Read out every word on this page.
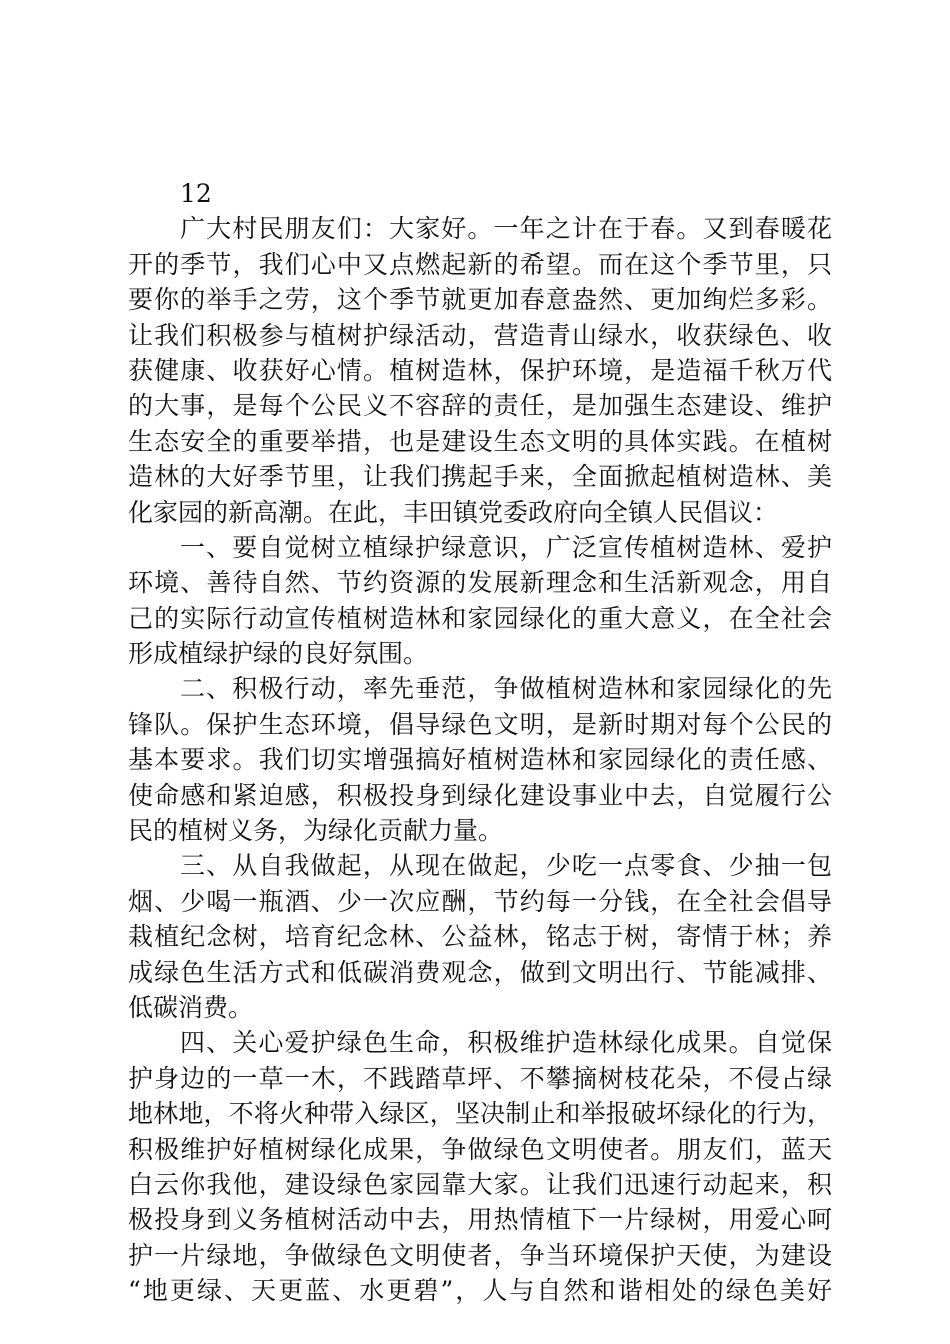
12
广大村民朋友们：大家好。一年之计在于春。又到春暖花
开的季节，我们心中又点燃起新的希望。而在这个季节里，只
要你的举手之劳，这个季节就更加春意盎然、更加绚烂多彩。
让我们积极参与植树护绿活动，营造青山绿水，收获绿色、收
获健康、收获好心情。植树造林，保护环境，是造福千秋万代
的大事，是每个公民义不容辞的责任，是加强生态建设、维护
生态安全的重要举措，也是建设生态文明的具体实践。在植树
造林的大好季节里，让我们携起手来，全面掀起植树造林、美
化家园的新高潮。在此，丰田镇党委政府向全镇人民倡议：
一、要自觉树立植绿护绿意识，广泛宣传植树造林、爱护
环境、善待自然、节约资源的发展新理念和生活新观念，用自
己的实际行动宣传植树造林和家园绿化的重大意义，在全社会
形成植绿护绿的良好氛围。
二、积极行动，率先垂范，争做植树造林和家园绿化的先
锋队。保护生态环境，倡导绿色文明，是新时期对每个公民的
基本要求。我们切实增强搞好植树造林和家园绿化的责任感、
使命感和紧迫感，积极投身到绿化建设事业中去，自觉履行公
民的植树义务，为绿化贡献力量。
三、从自我做起，从现在做起，少吃一点零食、少抽一包
烟、少喝一瓶酒、少一次应酬，节约每一分钱，在全社会倡导
栽植纪念树，培育纪念林、公益林，铭志于树，寄情于林；养
成绿色生活方式和低碳消费观念，做到文明出行、节能减排、
低碳消费。
四、关心爱护绿色生命，积极维护造林绿化成果。自觉保
护身边的一草一木，不践踏草坪、不攀摘树枝花朵，不侵占绿
地林地，不将火种带入绿区，坚决制止和举报破坏绿化的行为，
积极维护好植树绿化成果，争做绿色文明使者。朋友们，蓝天
白云你我他，建设绿色家园靠大家。让我们迅速行动起来，积
极投身到义务植树活动中去，用热情植下一片绿树，用爱心呵
护一片绿地，争做绿色文明使者，争当环境保护天使，为建设
“地更绿、天更蓝、水更碧”，人与自然和谐相处的绿色美好
